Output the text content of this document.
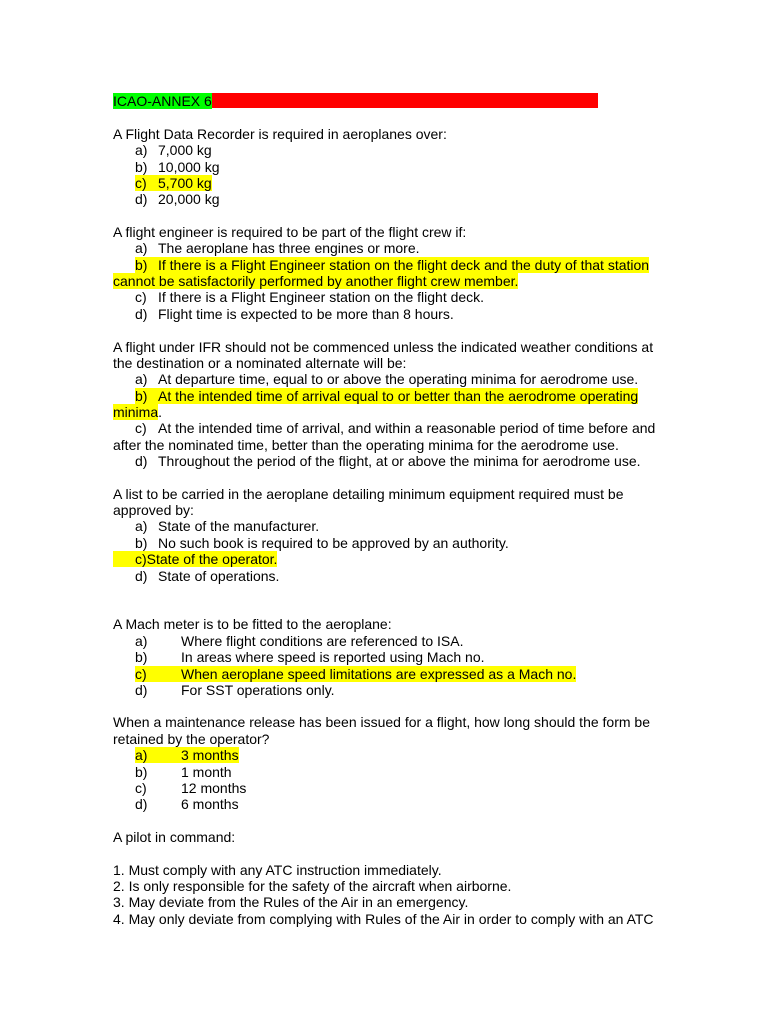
ICAO-ANNEX 6
A Flight Data Recorder is required in aeroplanes over:
a) 7,000 kg
b) 10,000 kg
c) 5,700 kg
d) 20,000 kg
A flight engineer is required to be part of the flight crew if:
a) The aeroplane has three engines or more.
b) If there is a Flight Engineer station on the flight deck and the duty of that station
cannot be satisfactorily performed by another flight crew member.
c) If there is a Flight Engineer station on the flight deck.
d) Flight time is expected to be more than 8 hours.
A flight under IFR should not be commenced unless the indicated weather conditions at
the destination or a nominated alternate will be:
a) At departure time, equal to or above the operating minima for aerodrome use.
b) At the intended time of arrival equal to or better than the aerodrome operating
minima.
c) At the intended time of arrival, and within a reasonable period of time before and
after the nominated time, better than the operating minima for the aerodrome use.
d) Throughout the period of the flight, at or above the minima for aerodrome use.
A list to be carried in the aeroplane detailing minimum equipment required must be
approved by:
a) State of the manufacturer.
b) No such book is required to be approved by an authority.
c)State of the operator.
d) State of operations.
A Mach meter is to be fitted to the aeroplane:
a) Where flight conditions are referenced to ISA.
b) In areas where speed is reported using Mach no.
c) When aeroplane speed limitations are expressed as a Mach no.
d) For SST operations only.
When a maintenance release has been issued for a flight, how long should the form be
retained by the operator?
a) 3 months
b) 1 month
c) 12 months
d) 6 months
A pilot in command:
1. Must comply with any ATC instruction immediately.
2. Is only responsible for the safety of the aircraft when airborne.
3. May deviate from the Rules of the Air in an emergency.
4. May only deviate from complying with Rules of the Air in order to comply with an ATC
